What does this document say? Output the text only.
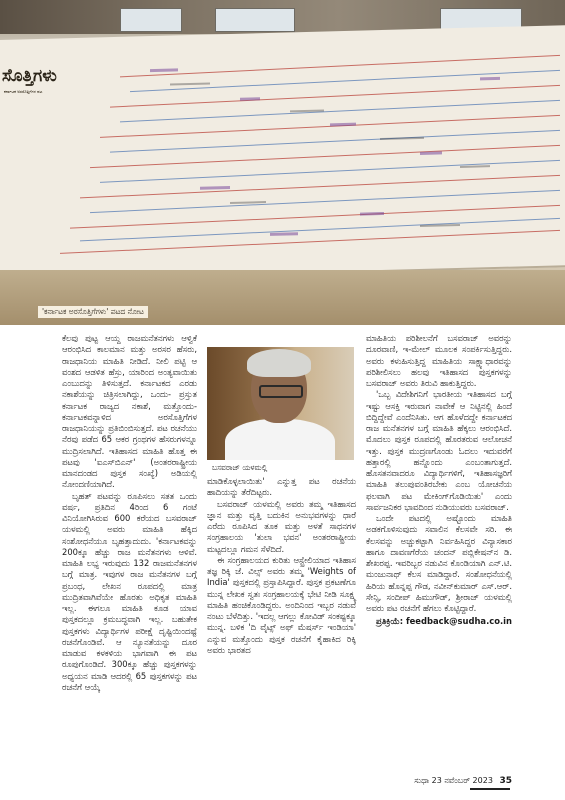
ಸೊತ್ತಿಗಳು
ಕರ್ನಾಟಕ ಅರಸೊತ್ತಿಗೆಗಳ ಪಟ
'ಕರ್ನಾಟಕ ಅರಸೊತ್ತಿಗೆಗಳು' ಪಟದ ನೋಟ

ಕೆಲವು ಪುಟ್ಟ ಆಯ್ದ ರಾಜಮನೆತನಗಳು ಆಳ್ವಿಕೆ ಆರಂಭಿಸಿದ ಕಾಲಮಾನ ಮತ್ತು ಅರಸರ ಹೆಸರು, ರಾಜಧಾನಿಯ ಮಾಹಿತಿ ನೀಡಿದೆ. ನೀಲಿ ಪಟ್ಟಿ ಆ ವಂಶದ ಆಡಳಿತ ಹೆಸ್ರು, ಯಾರಿಂದ ಅಂತ್ಯವಾಯಿತು ಎಂಬುದನ್ನು ತಿಳಿಸುತ್ತದೆ. ಕರ್ನಾಟಕದ ಎರಡು ನಕಾಶೆಯನ್ನು ಚಿತ್ರಿಸಲಾಗಿದ್ದು, ಒಂದು- ಪ್ರಸ್ತುತ ಕರ್ನಾಟಕ ರಾಜ್ಯದ ನಕಾಶೆ, ಮತ್ತೊಂದು- ಕರ್ನಾಟಕವನ್ನಾಳಿದ ಅರಸೊತ್ತಿಗೆಗಳ ರಾಜಧಾನಿಯನ್ನು ಪ್ರತಿಬಿಂಬಿಸುತ್ತದೆ. ಪಟ ರಚನೆಯು ನೆರವು ಪಡೆದ 65 ಆಕರ ಗ್ರಂಥಗಳ ಹೆಸರುಗಳನ್ನೂ ಮುದ್ರಿಸಲಾಗಿದೆ. ಇತಿಹಾಸದ ಮಾಹಿತಿ ಹೊತ್ತ ಈ ಪಟವು 'ಐಎಸ್‌ಬಿಎನ್' (ಅಂತರರಾಷ್ಟ್ರೀಯ ಮಾನದಂಡದ ಪುಸ್ತಕ ಸಂಖ್ಯೆ) ಅಡಿಯಲ್ಲಿ ನೋಂದಣಿಯಾಗಿದೆ.

ಬೃಹತ್ ಪಟವನ್ನು ರೂಪಿಸಲು ಸತತ ಒಂದು ವರ್ಷ, ಪ್ರತಿದಿನ 4ರಿಂದ 6 ಗಂಟೆ ವಿನಿಯೋಗಿಸಿರುವ 600 ಕರೆಯದ ಬಸವರಾಜ್ ಯಳಮಲ್ಲಿ ಅವರು ಮಾಹಿತಿ ಹೆಕ್ಕಿದ ಸಂಶೋಧನೆಯೂ ಬೃಹತ್ತಾದುದು. 'ಕರ್ನಾಟಕವನ್ನು 200ಕ್ಕೂ ಹೆಚ್ಚು ರಾಜ ಮನೆತನಗಳು ಆಳಿವೆ. ಮಾಹಿತಿ ಲಭ್ಯ ಇರುವುದು 132 ರಾಜಮನೆತನಗಳ ಬಗ್ಗೆ ಮಾತ್ರ. ಇವುಗಳ ರಾಜ ಮನೆತನಗಳ ಬಗ್ಗೆ ಪ್ರಬಂಧ, ಲೇಖನ ರೂಪದಲ್ಲಿ ಮಾತ್ರ ಮುದ್ರಿತವಾಗಿವೆಯೇ ಹೊರತು ಅಧಿಕೃತ ಮಾಹಿತಿ ಇಲ್ಲ. ಈಗಲೂ ಮಾಹಿತಿ ಕೂಡ ಯಾವ ಪುಸ್ತಕದಲ್ಲೂ ಕ್ರಮಬದ್ಧವಾಗಿ ಇಲ್ಲ. ಬಹುತೇಕ ಪುಸ್ತಕಗಳು ವಿದ್ಯಾರ್ಥಿಗಳ ಪರೀಕ್ಷೆ ದೃಷ್ಟಿಯಿಂದಷ್ಟೆ ರಚನೆಗೊಂಡಿವೆ. ಆ ನ್ಯೂನತೆಯನ್ನು ದೂರ ಮಾಡುವ ಕಳಕಳಿಯ ಭಾಗವಾಗಿ ಈ ಪಟ ರೂಪುಗೊಂಡಿದೆ. 300ಕ್ಕೂ ಹೆಚ್ಚು ಪುಸ್ತಕಗಳನ್ನು ಅಧ್ಯಯನ ಮಾಡಿ ಆದರಲ್ಲಿ 65 ಪುಸ್ತಕಗಳನ್ನು ಪಟ ರಚನೆಗೆ ಆಯ್ಕೆ

ಬಸವರಾಜ್ ಯಳಮಲ್ಲಿ

ಮಾಡಿಕೊಳ್ಳಲಾಯಿತು' ಎನ್ನುತ್ತ ಪಟ ರಚನೆಯ ಹಾದಿಯನ್ನು ತೆರೆದಿಟ್ಟರು.

ಬಸವರಾಜ್ ಯಳಮಲ್ಲಿ ಅವರು ತಮ್ಮ ಇತಿಹಾಸದ ಜ್ಞಾನ ಮತ್ತು ವೃತ್ತಿ ಬದುಕಿನ ಅನುಭವಗಳನ್ನು ಧಾರೆ ಎರೆದು ರೂಪಿಸಿದ ತೂಕ ಮತ್ತು ಅಳತೆ ಸಾಧನಗಳ ಸಂಗ್ರಹಾಲಯ 'ತುಲಾ ಭವನ' ಅಂತರರಾಷ್ಟ್ರೀಯ ಮಟ್ಟದಲ್ಲೂ ಗಮನ ಸೆಳೆದಿದೆ.

ಈ ಸಂಗ್ರಹಾಲಯದ ಕುರಿತು ಆಸ್ಟ್ರೇಲಿಯಾದ ಇತಿಹಾಸ ತಜ್ಞ ರಿಕ್ಕಿ ಜೆ. ವಿಲ್ಸ್ ಅವರು ತಮ್ಮ 'Weights of India' ಪುಸ್ತಕದಲ್ಲಿ ಪ್ರಸ್ತಾಪಿಸಿದ್ದಾರೆ. ಪುಸ್ತಕ ಪ್ರಕಟಣೆಗೂ ಮುನ್ನ ಲೇಖಕ ಸ್ವತಃ ಸಂಗ್ರಹಾಲಯಕ್ಕೆ ಭೇಟಿ ನೀಡಿ ಸೂಕ್ಷ್ಮ ಮಾಹಿತಿ ಹಂಚಿಕೊಂಡಿದ್ದರು. ಅಂದಿನಿಂದ ಇಬ್ಬರ ನಡುವೆ ನಂಟು ಬೆಳೆದಿತ್ತು. 'ಇದಲ್ಲ ಆಗಲ್ಲು ಕೋವಿಡ್ ಸಂಕಷ್ಟಕ್ಕೂ ಮುನ್ನ. ಬಳಿಕ 'ದಿ ವೈಟ್ಸ್ ಅಫ್ ಮೆಷರ್ಸ್ ಇಂಡಿಯಾ' ಎನ್ನುವ ಮತ್ತೊಂದು ಪುಸ್ತಕ ರಚನೆಗೆ ಕೈಹಾಕಿದ ರಿಕ್ಕಿ ಅವರು ಭಾರತದ

ಮಾಹಿತಿಯ ಪರಿಶೀಲನೆಗೆ ಬಸವರಾಜ್ ಅವರನ್ನು ದೂರವಾಣಿ, ಇ-ಮೇಲ್ ಮೂಲಕ ಸಂಪರ್ಕಿಸುತ್ತಿದ್ದರು. ಅವರು ಕಳುಹಿಸುತ್ತಿದ್ದ ಮಾಹಿತಿಯ ಸಾಕ್ಷ್ಯಾಧಾರವನ್ನು ಪರಿಶೀಲಿಸಲು ಹಲವು ಇತಿಹಾಸದ ಪುಸ್ತಕಗಳನ್ನು ಬಸವರಾಜ್ ಅವರು ತಿರುವಿ ಹಾಕುತ್ತಿದ್ದರು.

'ಒಬ್ಬ ವಿದೇಶಿಗನಿಗೆ ಭಾರತೀಯ ಇತಿಹಾಸದ ಬಗ್ಗೆ ಇಷ್ಟು ಆಸಕ್ತಿ ಇರುವಾಗ ನಾವೇಕೆ ಆ ನಿಟ್ಟಿನಲ್ಲಿ ಹಿಂದೆ ಬಿದ್ದಿದ್ದೇವೆ ಎಂದೆನಿಸಿತು. ಆಗ ಹೊಳೆದದ್ದೇ ಕರ್ನಾಟಕದ ರಾಜ ಮನೆತನಗಳ ಬಗ್ಗೆ ಮಾಹಿತಿ ಹೆಕ್ಕಲು ಆರಂಭಿಸಿದೆ. ಮೊದಲು ಪುಸ್ತಕ ರೂಪದಲ್ಲಿ ಹೊರತರುವ ಆಲೋಚನೆ ಇತ್ತು. ಪುಸ್ತಕ ಮುದ್ರಣಗೊಂಡು ಓದಲು ಇದುವರೆಗೆ ಹತ್ತಾರಲ್ಲಿ ಹನ್ನೊಂದು ಎಂಬಂತಾಗುತ್ತದೆ. ಹೊಸತನವಾದರೂ ವಿದ್ಯಾರ್ಥಿಗಳಿಗೆ, ಇತಿಹಾಸಜ್ಞರಿಗೆ ಮಾಹಿತಿ ತಲುಪುವಂತಿರಬೇಕು ಎಂಬ ಯೋಚನೆಯ ಫಲವಾಗಿ ಪಟ ಮೇಕಿಂಗ್‌ಗೊಡಿಯಿತು' ಎಂದು ಸಾರ್ವಜನಿಕರ ಭಾವದಿಂದ ನುಡಿಯುವರು ಬಸವರಾಜ್.

ಒಂದೇ ಪಟದಲ್ಲಿ ಅಷ್ಟೊಂದು ಮಾಹಿತಿ ಅಡಕಗೊಳಿಸುವುದು ಸವಾಲಿನ ಕೆಲಸವೇ ಸರಿ. ಈ ಕೆಲಸವನ್ನು ಅಚ್ಚುಕಟ್ಟಾಗಿ ನಿರ್ವಹಿಸಿದ್ದರ ವಿನ್ಯಾಸಕಾರ ಹಾಗೂ ದಾವಣಗೆರೆಯ ಚಂದನ್ ಪಬ್ಲಿಕೇಷನ್‌ನ ಡಿ. ಶೇಖರಪ್ಪ. ಇವರಿಬ್ಬರ ನಡುವಿನ ಕೊಂಡಿಯಾಗಿ ಎನ್.ಟಿ. ಮಂಜುನಾಥ್ ಕೆಲಸ ಮಾಡಿದ್ದಾರೆ. ಸಂಶೋಧನೆಯಲ್ಲಿ ಹಿರಿಯ ಹೊನ್ನಪ್ಪ ಗೌಡ, ನವೀನ್‌ಕುಮಾರ್ ಎಸ್.ಆರ್. ಸೇನ್ಸಿ, ಸಂದೀಪ್ ಹಿಮುಗೌಡ್, ಶ್ರೀರಾಜ್ ಯಳಮಲ್ಲಿ ಅವರು ಪಟ ರಚನೆಗೆ ಹೆಗಲು ಕೊಟ್ಟಿದ್ದಾರೆ.

ಪ್ರತಿಕ್ರಿಯೆ: feedback@sudha.co.in

ಸುಧಾ 23 ನವೆಂಬರ್ 2023 35
